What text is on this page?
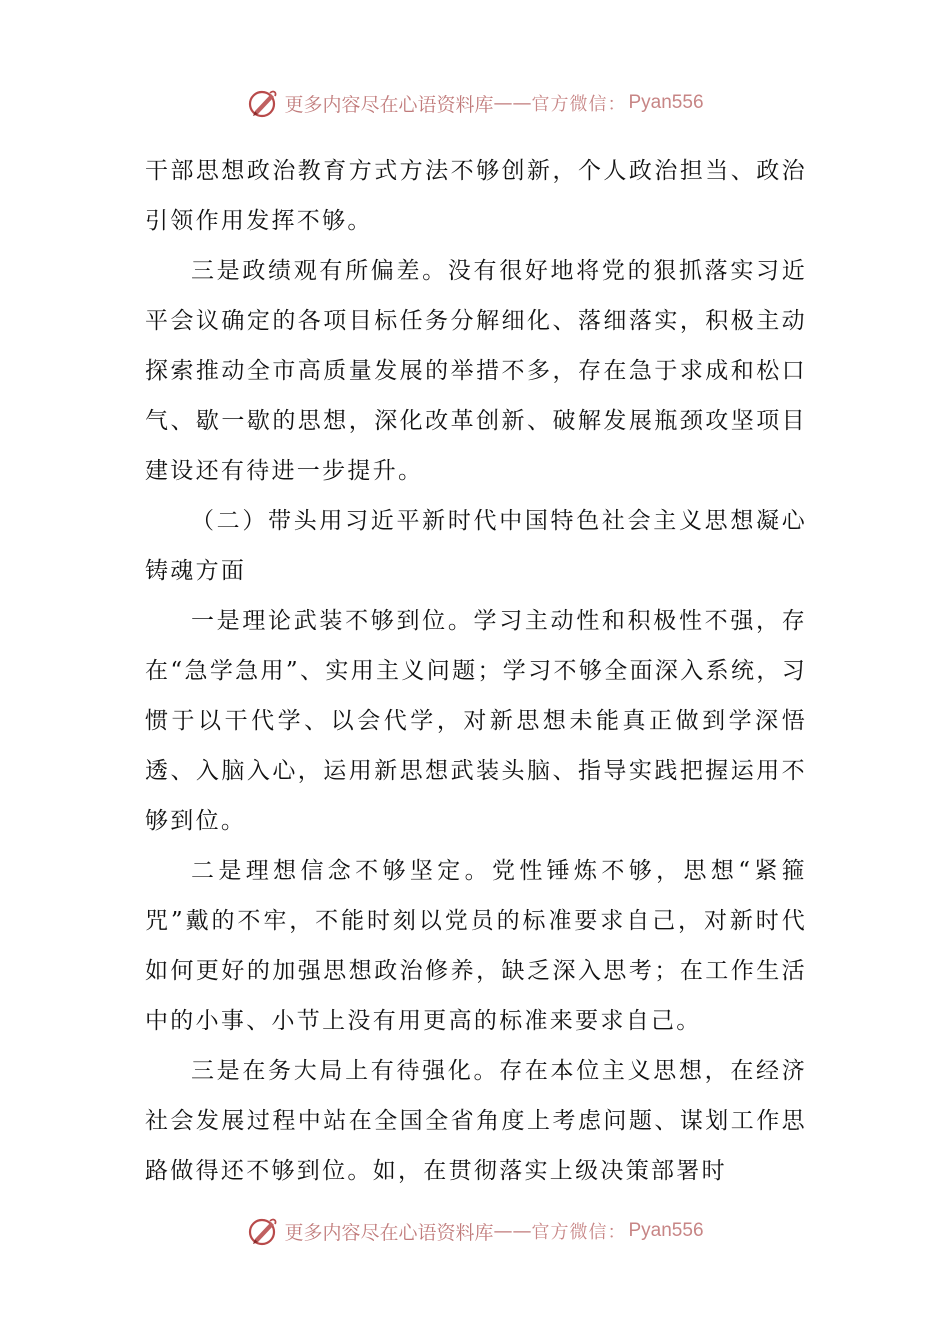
更多内容尽在心语资料库 —— 官方微信： Pyan556

干部思想政治教育方式方法不够创新，个人政治担当、政治引领作用发挥不够。

三是政绩观有所偏差。没有很好地将党的狠抓落实习近平会议确定的各项目标任务分解细化、落细落实，积极主动探索推动全市高质量发展的举措不多，存在急于求成和松口气、歇一歇的思想，深化改革创新、破解发展瓶颈攻坚项目建设还有待进一步提升。

（二）带头用习近平新时代中国特色社会主义思想凝心铸魂方面

一是理论武装不够到位。学习主动性和积极性不强，存在“急学急用”、实用主义问题；学习不够全面深入系统，习惯于以干代学、以会代学，对新思想未能真正做到学深悟透、入脑入心，运用新思想武装头脑、指导实践把握运用不够到位。

二是理想信念不够坚定。党性锤炼不够，思想“紧箍咒”戴的不牢，不能时刻以党员的标准要求自己，对新时代如何更好的加强思想政治修养，缺乏深入思考；在工作生活中的小事、小节上没有用更高的标准来要求自己。

三是在务大局上有待强化。存在本位主义思想，在经济社会发展过程中站在全国全省角度上考虑问题、谋划工作思路做得还不够到位。如，在贯彻落实上级决策部署时

更多内容尽在心语资料库 —— 官方微信： Pyan556
